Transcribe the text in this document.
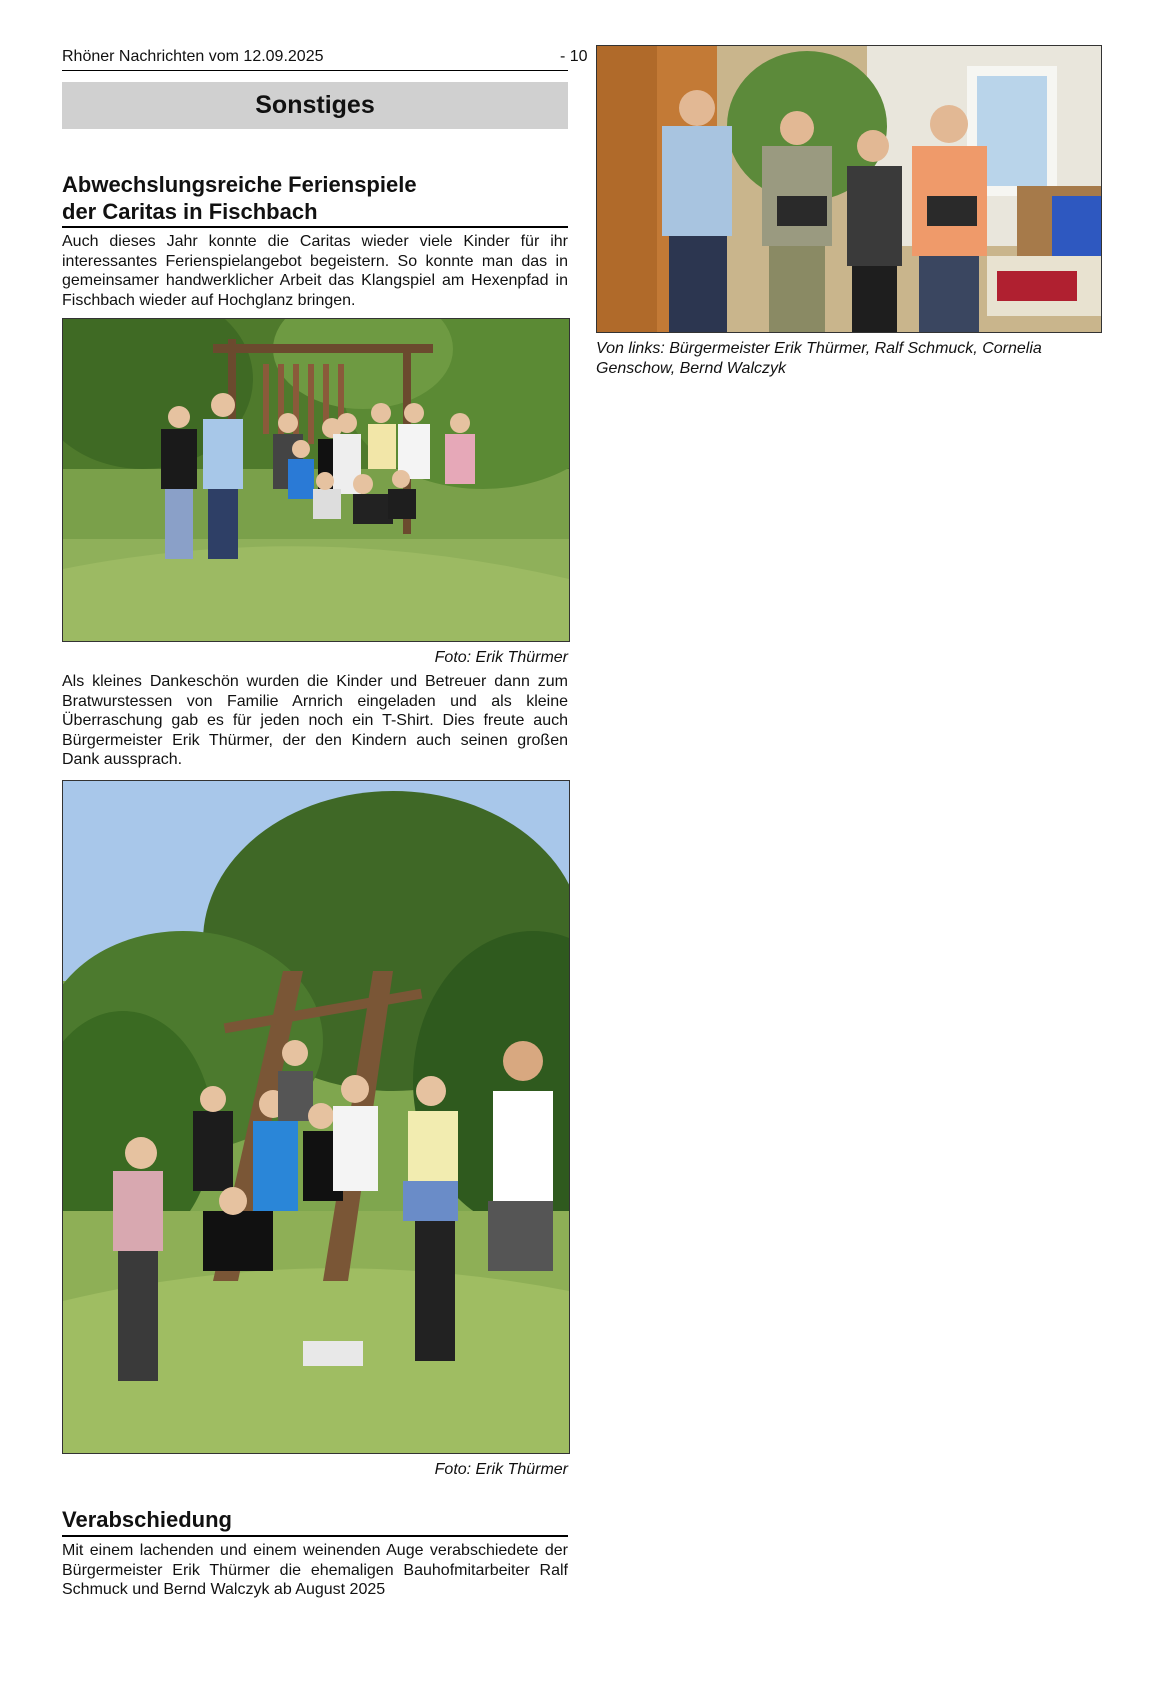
Rhöner Nachrichten vom 12.09.2025	- 10
Sonstiges
Abwechslungsreiche Ferienspiele
der Caritas in Fischbach

Auch dieses Jahr konnte die Caritas wieder viele Kinder für ihr interessantes Ferienspielangebot begeistern. So konnte man das in gemeinsamer handwerklicher Arbeit das Klangspiel am Hexenpfad in Fischbach wieder auf Hochglanz bringen.

Foto: Erik Thürmer

Als kleines Dankeschön wurden die Kinder und Betreuer dann zum Bratwurstessen von Familie Arnrich eingeladen und als kleine Überraschung gab es für jeden noch ein T-Shirt. Dies freute auch Bürgermeister Erik Thürmer, der den Kindern auch seinen großen Dank aussprach.

Foto: Erik Thürmer
Verabschiedung

Mit einem lachenden und einem weinenden Auge verabschiedete der Bürgermeister Erik Thürmer die ehemaligen Bauhofmitarbeiter Ralf Schmuck und Bernd Walczyk ab August 2025

Von links: Bürgermeister Erik Thürmer, Ralf Schmuck, Cornelia
Genschow, Bernd Walczyk
